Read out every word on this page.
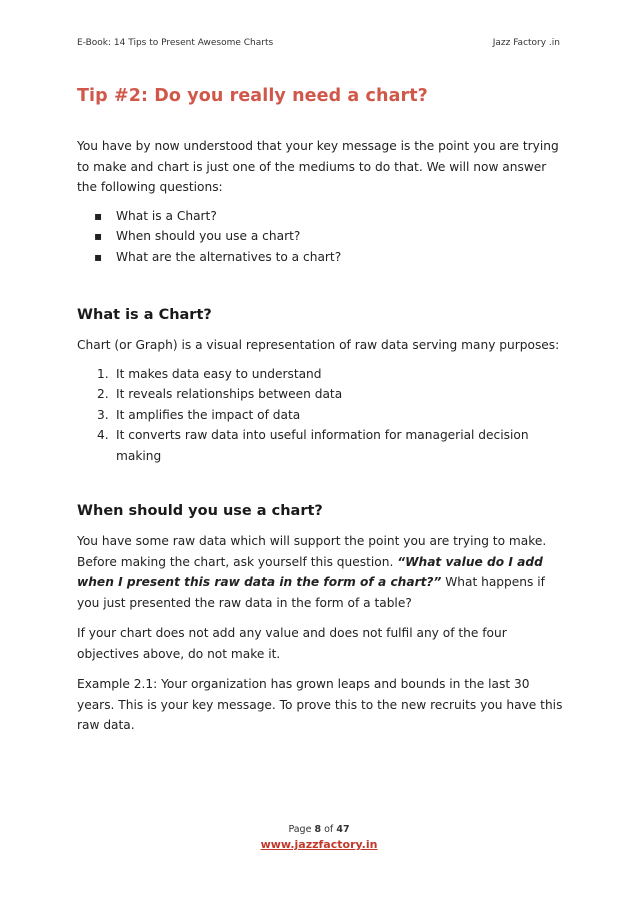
E-Book: 14 Tips to Present Awesome Charts	Jazz Factory .in
Tip #2: Do you really need a chart?

You have by now understood that your key message is the point you are trying to make and chart is just one of the mediums to do that. We will now answer the following questions:

▪ What is a Chart?
▪ When should you use a chart?
▪ What are the alternatives to a chart?
What is a Chart?

Chart (or Graph) is a visual representation of raw data serving many purposes:

1. It makes data easy to understand
2. It reveals relationships between data
3. It amplifies the impact of data
4. It converts raw data into useful information for managerial decision making
When should you use a chart?

You have some raw data which will support the point you are trying to make. Before making the chart, ask yourself this question. “What value do I add when I present this raw data in the form of a chart?” What happens if you just presented the raw data in the form of a table?

If your chart does not add any value and does not fulfil any of the four objectives above, do not make it.

Example 2.1: Your organization has grown leaps and bounds in the last 30 years. This is your key message. To prove this to the new recruits you have this raw data.

Page 8 of 47
www.jazzfactory.in
